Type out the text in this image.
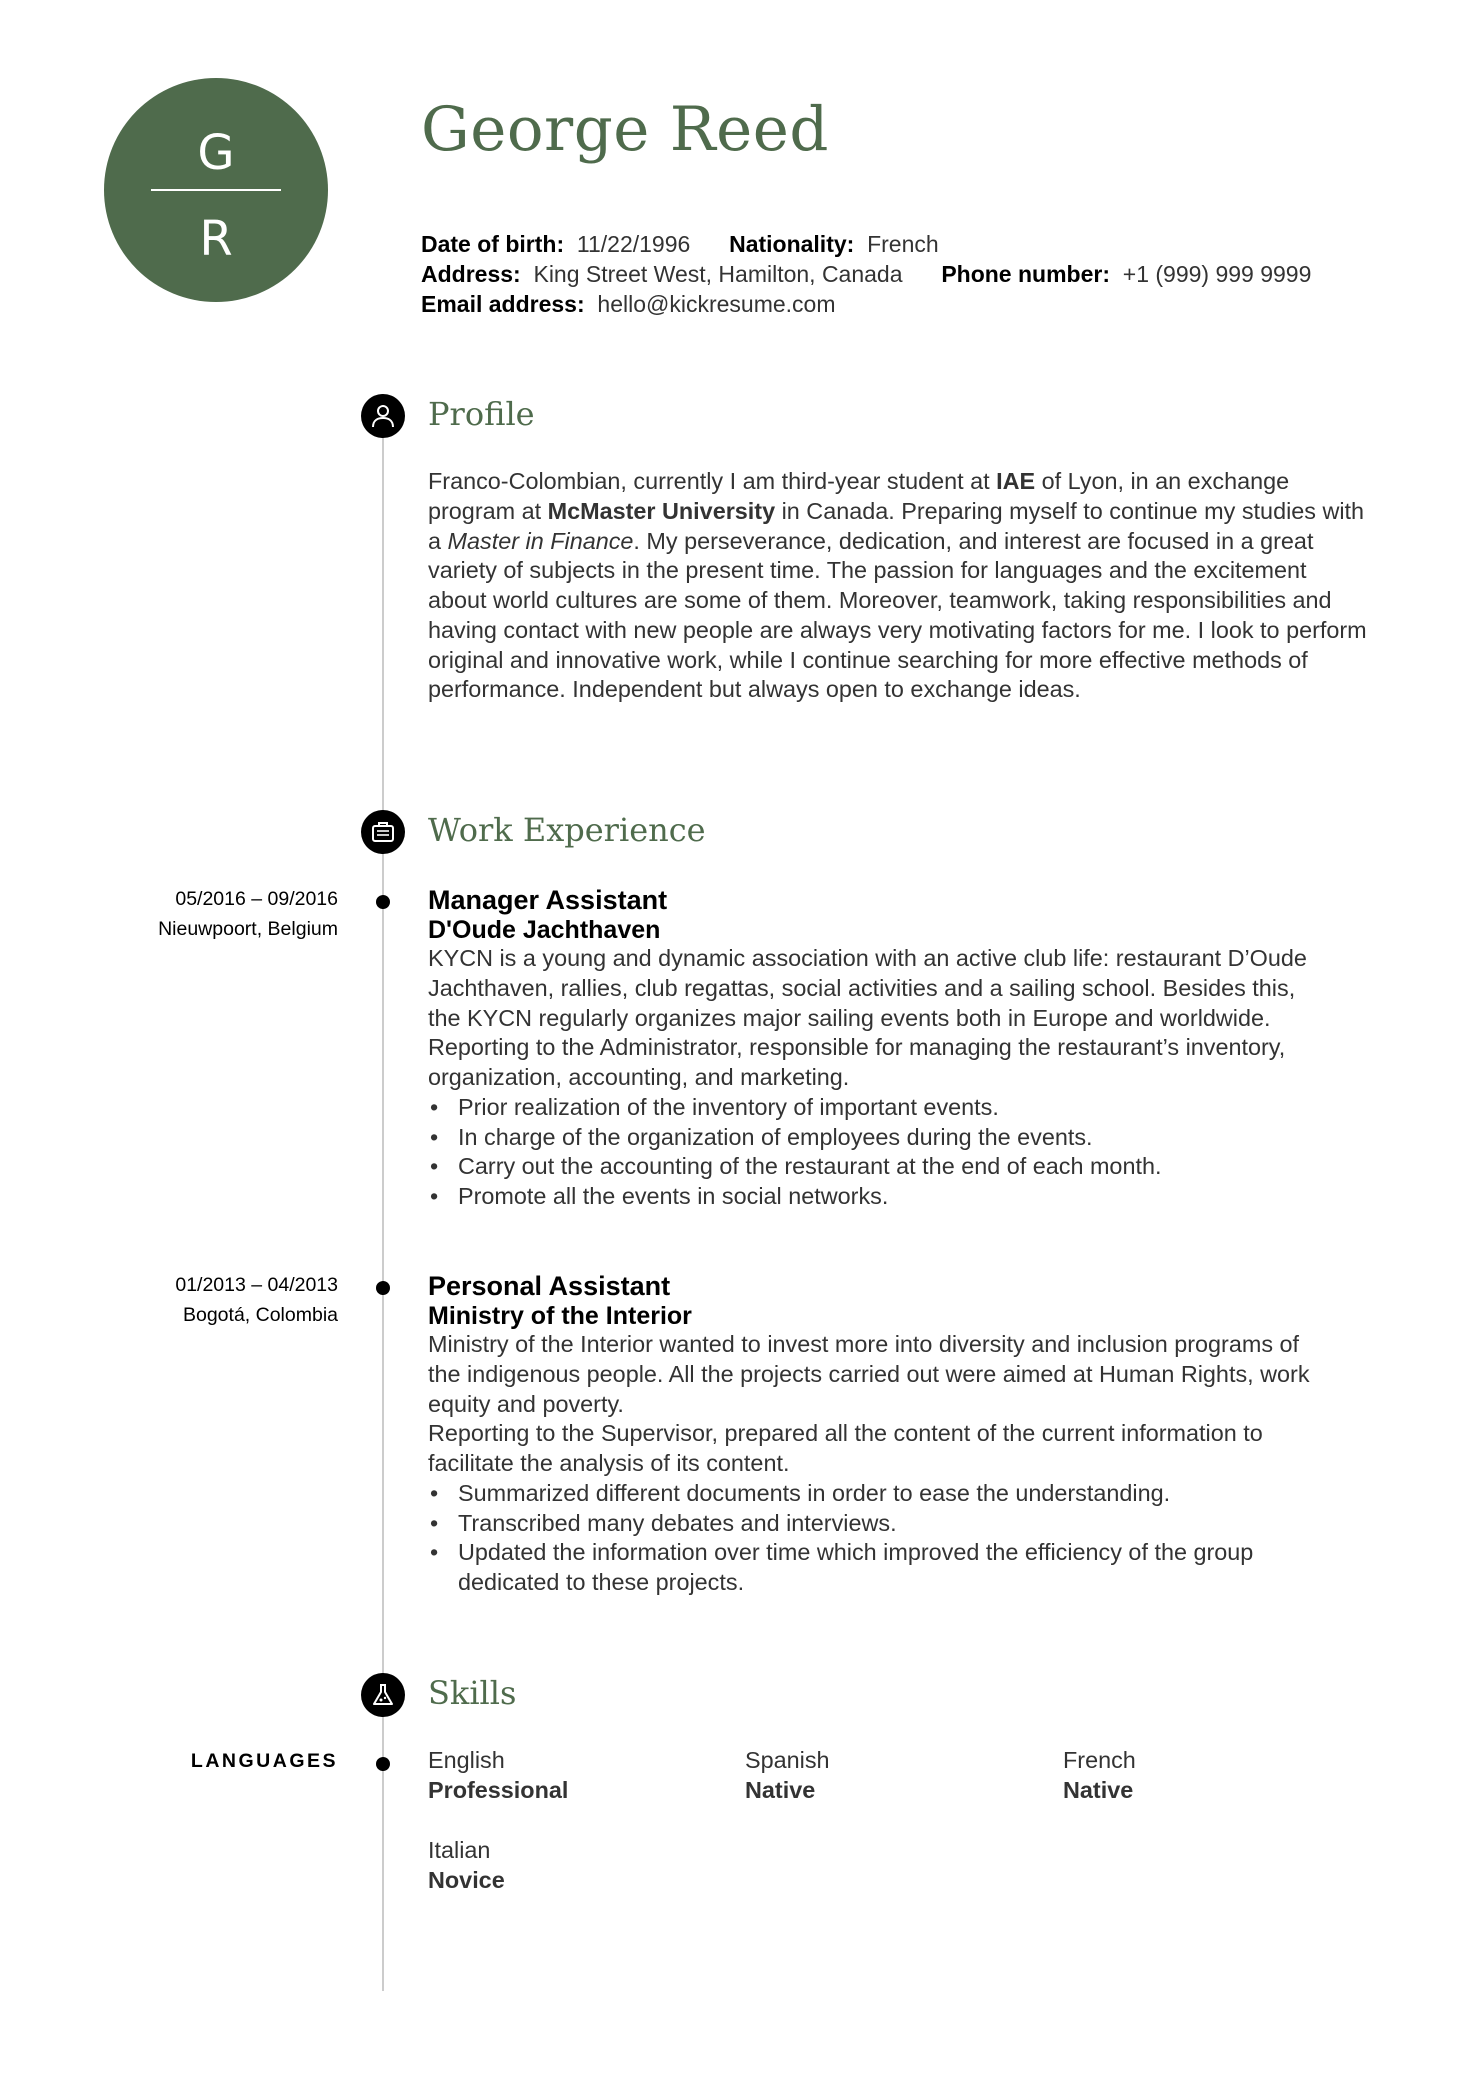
G
R
George Reed
Date of birth: 11/22/1996 Nationality: French
Address: King Street West, Hamilton, Canada Phone number: +1 (999) 999 9999
Email address: hello@kickresume.com
Profile
Franco-Colombian, currently I am third-year student at IAE of Lyon, in an exchange program at McMaster University in Canada. Preparing myself to continue my studies with a Master in Finance. My perseverance, dedication, and interest are focused in a great variety of subjects in the present time. The passion for languages and the excitement about world cultures are some of them. Moreover, teamwork, taking responsibilities and having contact with new people are always very motivating factors for me. I look to perform original and innovative work, while I continue searching for more effective methods of performance. Independent but always open to exchange ideas.
Work Experience
05/2016 – 09/2016
Nieuwpoort, Belgium
Manager Assistant
D'Oude Jachthaven
KYCN is a young and dynamic association with an active club life: restaurant D’Oude Jachthaven, rallies, club regattas, social activities and a sailing school. Besides this, the KYCN regularly organizes major sailing events both in Europe and worldwide.
Reporting to the Administrator, responsible for managing the restaurant’s inventory, organization, accounting, and marketing.
• Prior realization of the inventory of important events.
• In charge of the organization of employees during the events.
• Carry out the accounting of the restaurant at the end of each month.
• Promote all the events in social networks.
01/2013 – 04/2013
Bogotá, Colombia
Personal Assistant
Ministry of the Interior
Ministry of the Interior wanted to invest more into diversity and inclusion programs of the indigenous people. All the projects carried out were aimed at Human Rights, work equity and poverty.
Reporting to the Supervisor, prepared all the content of the current information to facilitate the analysis of its content.
• Summarized different documents in order to ease the understanding.
• Transcribed many debates and interviews.
• Updated the information over time which improved the efficiency of the group dedicated to these projects.
Skills
LANGUAGES	English
Professional
Spanish
Native
French
Native
Italian
Novice
